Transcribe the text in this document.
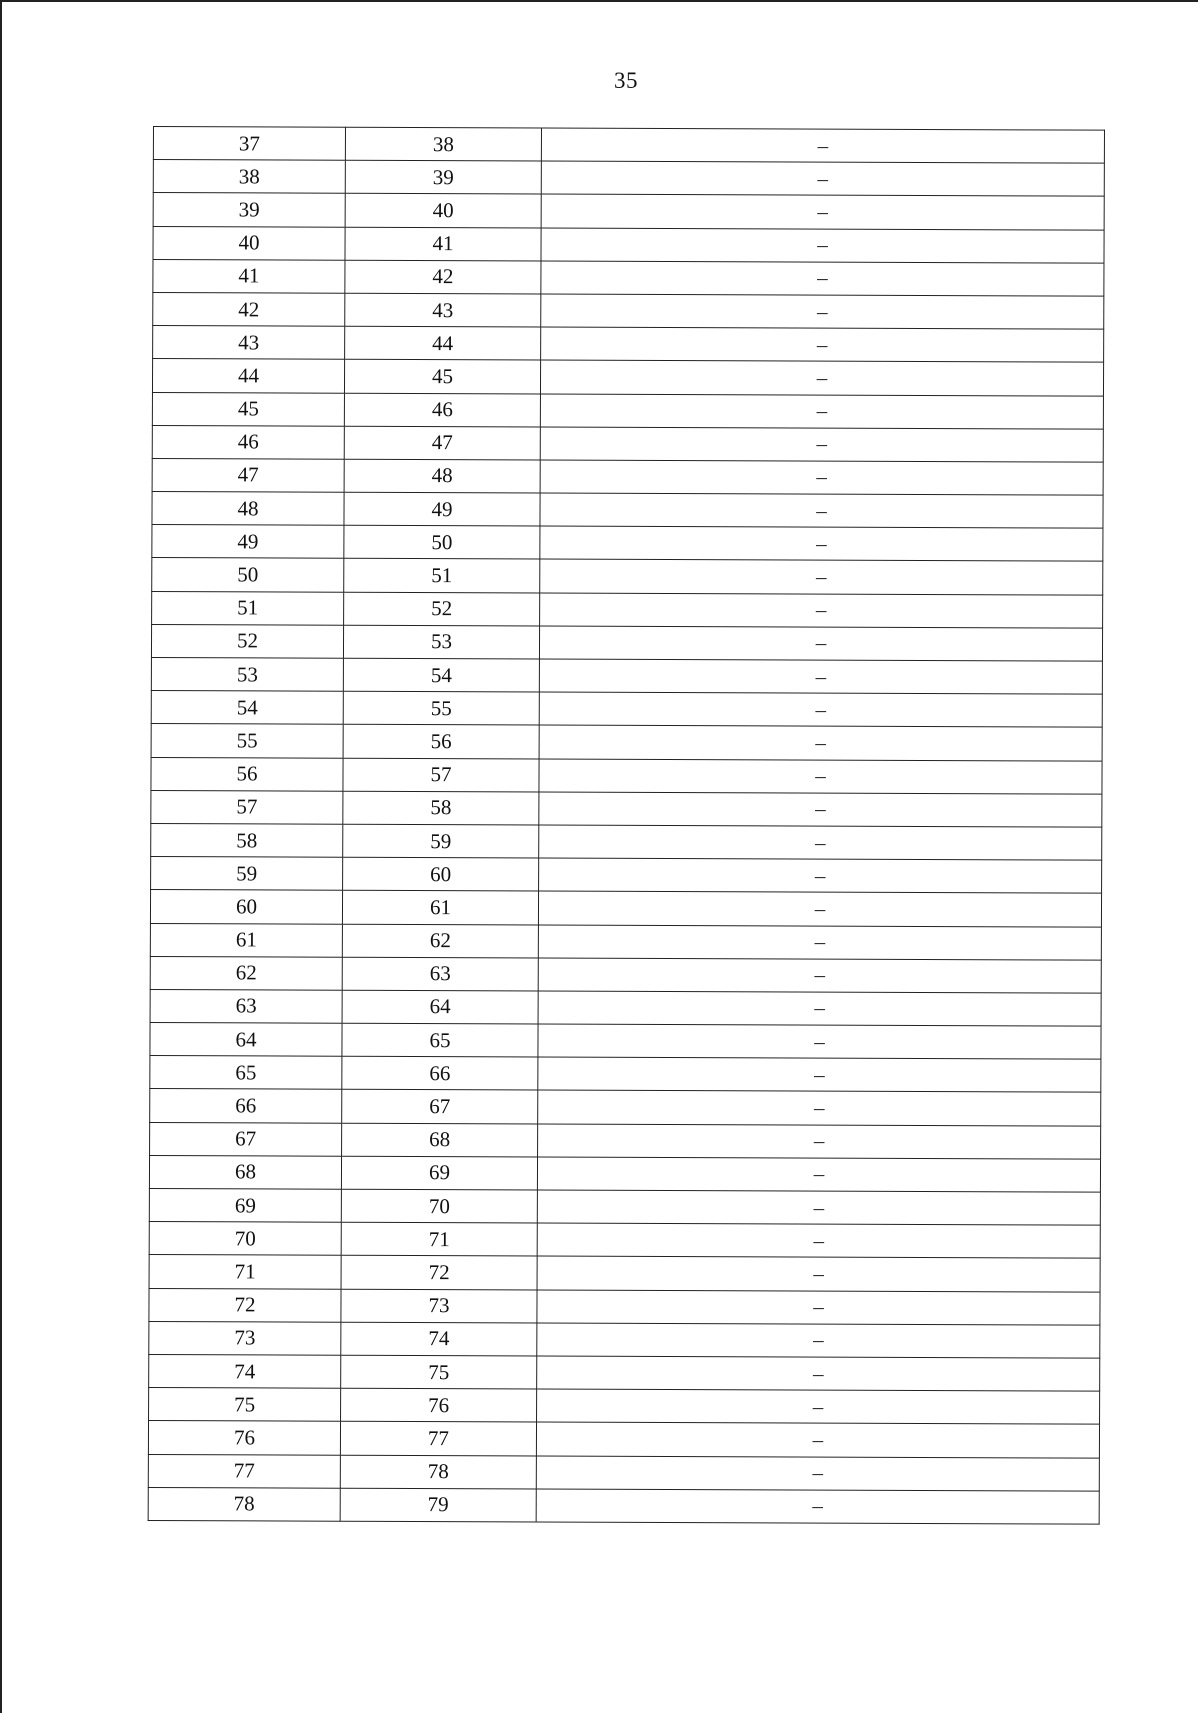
35
37	38	–
38	39	–
39	40	–
40	41	–
41	42	–
42	43	–
43	44	–
44	45	–
45	46	–
46	47	–
47	48	–
48	49	–
49	50	–
50	51	–
51	52	–
52	53	–
53	54	–
54	55	–
55	56	–
56	57	–
57	58	–
58	59	–
59	60	–
60	61	–
61	62	–
62	63	–
63	64	–
64	65	–
65	66	–
66	67	–
67	68	–
68	69	–
69	70	–
70	71	–
71	72	–
72	73	–
73	74	–
74	75	–
75	76	–
76	77	–
77	78	–
78	79	–
